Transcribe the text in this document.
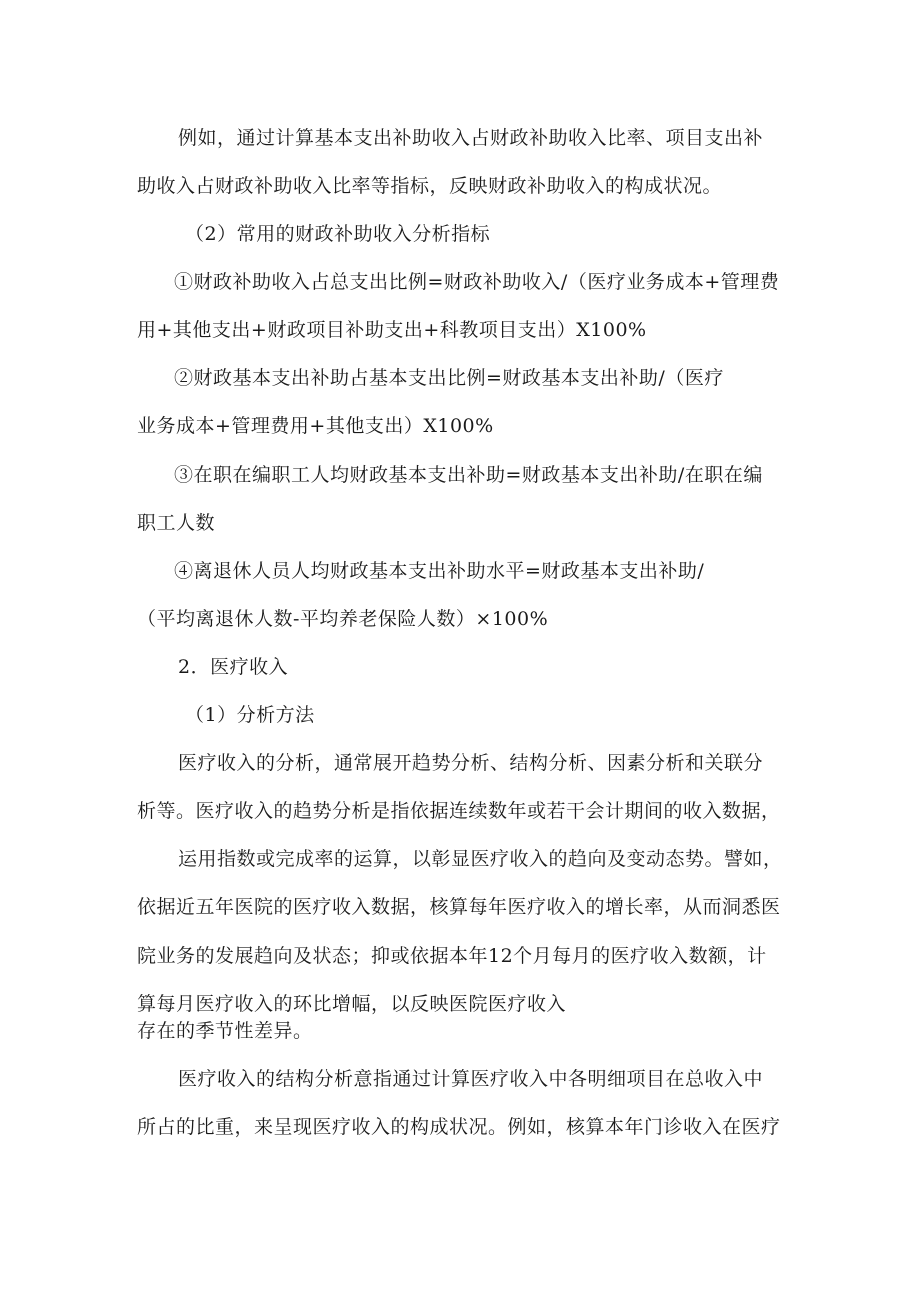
例如，通过计算基本支出补助收入占财政补助收入比率、项目支出补
助收入占财政补助收入比率等指标，反映财政补助收入的构成状况。
（2）常用的财政补助收入分析指标
①财政补助收入占总支出比例=财政补助收入/（医疗业务成本+管理费
用+其他支出+财政项目补助支出+科教项目支出）X100%
②财政基本支出补助占基本支出比例=财政基本支出补助/（医疗
业务成本+管理费用+其他支出）X100%
③在职在编职工人均财政基本支出补助=财政基本支出补助/在职在编
职工人数
④离退休人员人均财政基本支出补助水平=财政基本支出补助/
（平均离退休人数-平均养老保险人数）×100%
2．医疗收入
（1）分析方法
医疗收入的分析，通常展开趋势分析、结构分析、因素分析和关联分
析等。医疗收入的趋势分析是指依据连续数年或若干会计期间的收入数据，
运用指数或完成率的运算，以彰显医疗收入的趋向及变动态势。譬如，
依据近五年医院的医疗收入数据，核算每年医疗收入的增长率，从而洞悉医
院业务的发展趋向及状态；抑或依据本年12个月每月的医疗收入数额，计
算每月医疗收入的环比增幅，以反映医院医疗收入
存在的季节性差异。
医疗收入的结构分析意指通过计算医疗收入中各明细项目在总收入中
所占的比重，来呈现医疗收入的构成状况。例如，核算本年门诊收入在医疗
